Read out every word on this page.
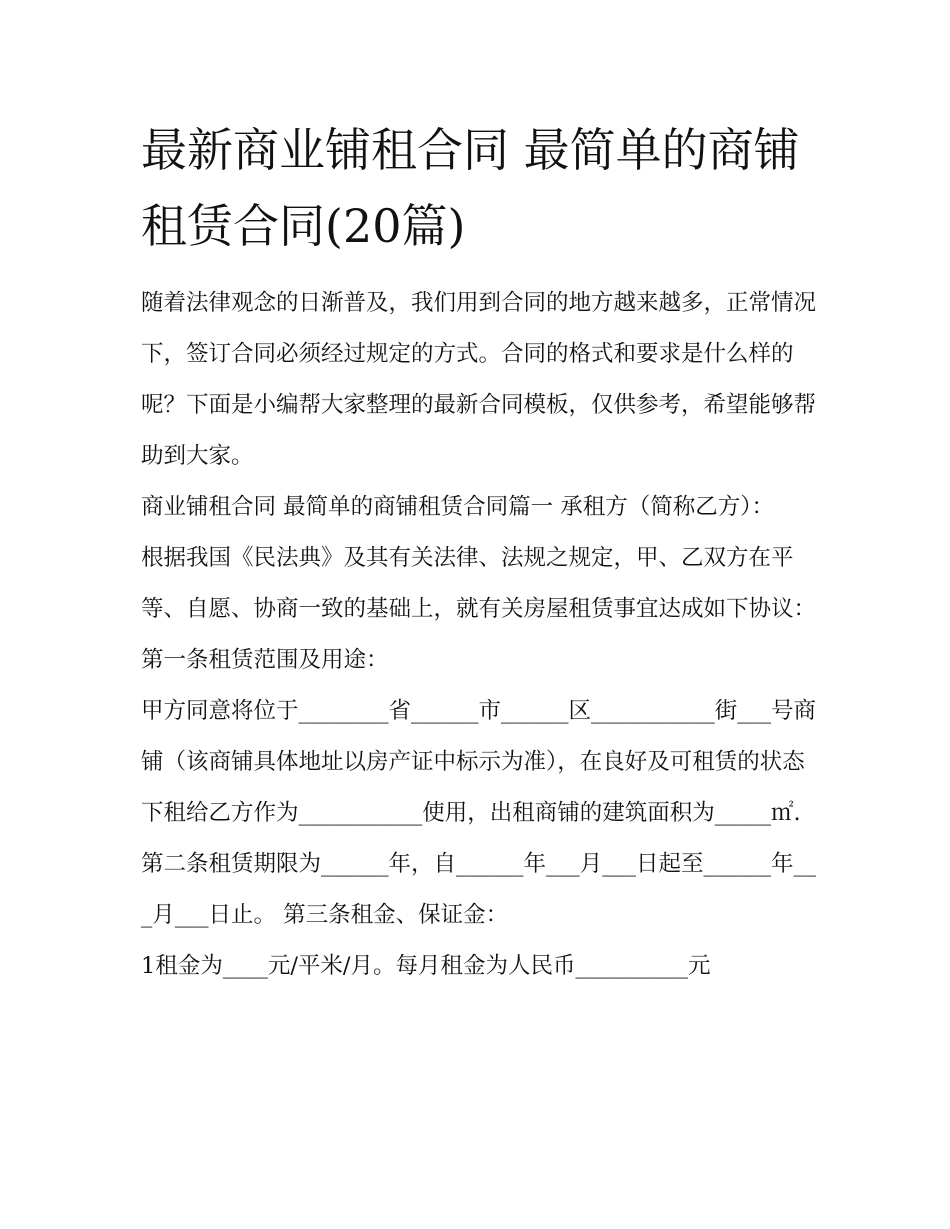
最新商业铺租合同 最简单的商铺租赁合同(20篇)

随着法律观念的日渐普及，我们用到合同的地方越来越多，正常情况下，签订合同必须经过规定的方式。合同的格式和要求是什么样的呢？下面是小编帮大家整理的最新合同模板，仅供参考，希望能够帮助到大家。

商业铺租合同 最简单的商铺租赁合同篇一 承租方（简称乙方）：

根据我国《民法典》及其有关法律、法规之规定，甲、乙双方在平等、自愿、协商一致的基础上，就有关房屋租赁事宜达成如下协议： 第一条租赁范围及用途：

甲方同意将位于________省______市______区___________街___号商铺（该商铺具体地址以房产证中标示为准），在良好及可租赁的状态下租给乙方作为___________使用，出租商铺的建筑面积为_____㎡.

第二条租赁期限为______年，自______年___月___日起至______年___月___日止。 第三条租金、保证金：

1租金为____元/平米/月。每月租金为人民币__________元
